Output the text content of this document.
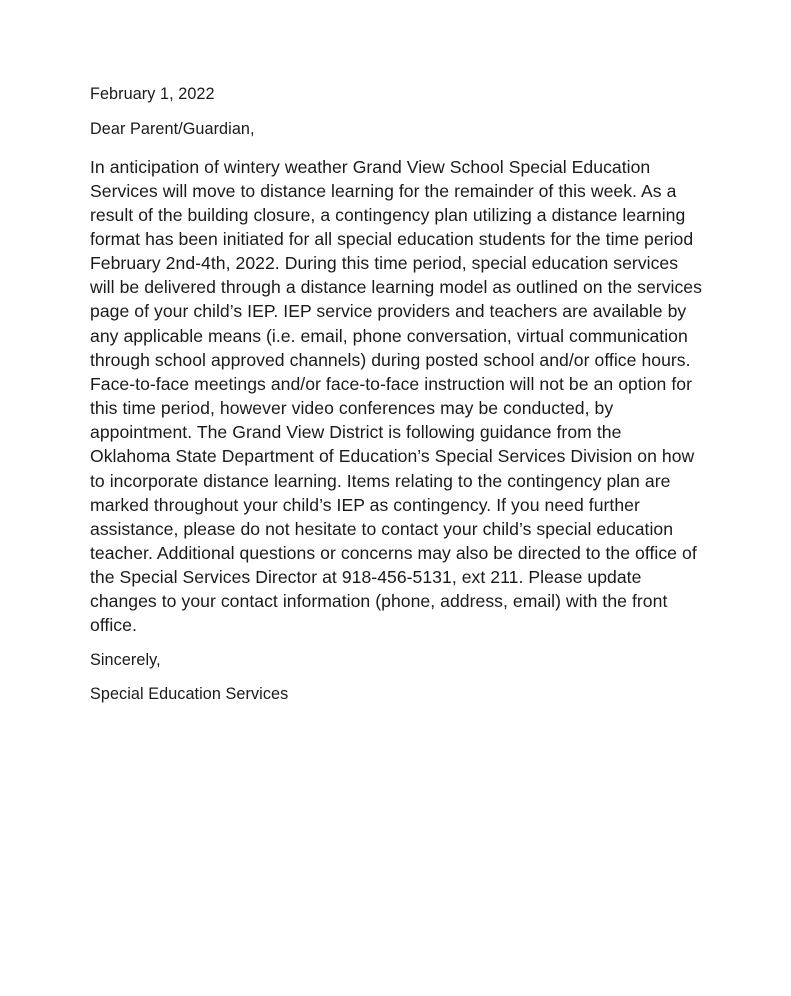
February 1, 2022

Dear Parent/Guardian,

In anticipation of wintery weather Grand View School Special Education Services will move to distance learning for the remainder of this week. As a result of the building closure, a contingency plan utilizing a distance learning format has been initiated for all special education students for the time period February 2nd-4th, 2022. During this time period, special education services will be delivered through a distance learning model as outlined on the services page of your child’s IEP. IEP service providers and teachers are available by any applicable means (i.e. email, phone conversation, virtual communication through school approved channels) during posted school and/or office hours. Face-to-face meetings and/or face-to-face instruction will not be an option for this time period, however video conferences may be conducted, by appointment. The Grand View District is following guidance from the Oklahoma State Department of Education’s Special Services Division on how to incorporate distance learning. Items relating to the contingency plan are marked throughout your child’s IEP as contingency. If you need further assistance, please do not hesitate to contact your child’s special education teacher. Additional questions or concerns may also be directed to the office of the Special Services Director at 918-456-5131, ext 211. Please update changes to your contact information (phone, address, email) with the front office.

Sincerely,

Special Education Services
